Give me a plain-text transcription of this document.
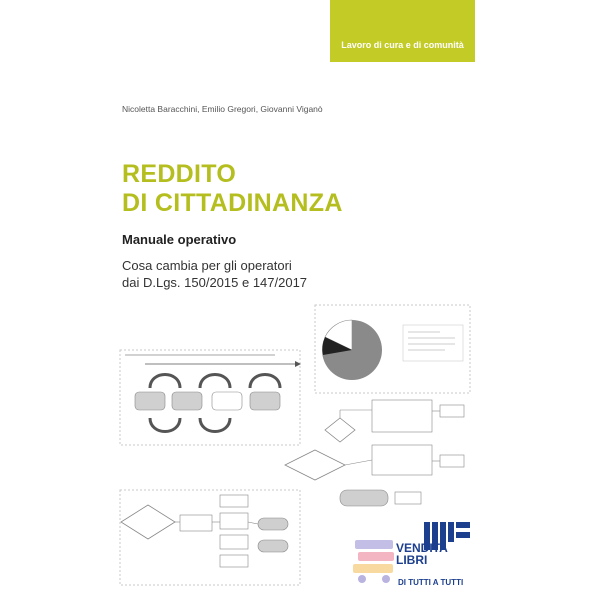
Lavoro di cura e di comunità
Nicoletta Baracchini, Emilio Gregori, Giovanni Viganò
REDDITO
DI CITTADINANZA
Manuale operativo
Cosa cambia per gli operatori
dai D.Lgs. 150/2015 e 147/2017
VENDITA
LIBRI
DI TUTTI A TUTTI
